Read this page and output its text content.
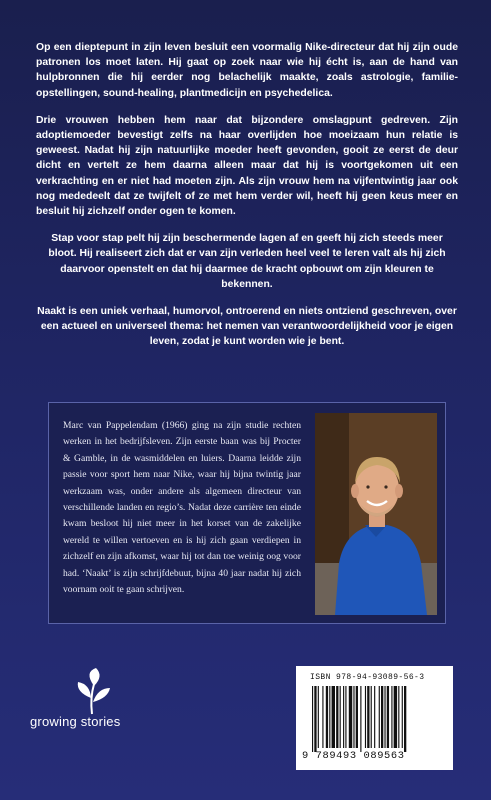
Op een dieptepunt in zijn leven besluit een voormalig Nike-directeur dat hij zijn oude patronen los moet laten. Hij gaat op zoek naar wie hij écht is, aan de hand van hulpbronnen die hij eerder nog belachelijk maakte, zoals astrologie, familie-opstellingen, sound-healing, plantmedicijn en psychedelica.

Drie vrouwen hebben hem naar dat bijzondere omslagpunt gedreven. Zijn adoptiemoeder bevestigt zelfs na haar overlijden hoe moeizaam hun relatie is geweest. Nadat hij zijn natuurlijke moeder heeft gevonden, gooit ze eerst de deur dicht en vertelt ze hem daarna alleen maar dat hij is voortgekomen uit een verkrachting en er niet had moeten zijn. Als zijn vrouw hem na vijfentwintig jaar ook nog mededeelt dat ze twijfelt of ze met hem verder wil, heeft hij geen keus meer en besluit hij zichzelf onder ogen te komen.

Stap voor stap pelt hij zijn beschermende lagen af en geeft hij zich steeds meer bloot. Hij realiseert zich dat er van zijn verleden heel veel te leren valt als hij zich daarvoor openstelt en dat hij daarmee de kracht opbouwt om zijn kleuren te bekennen.

Naakt is een uniek verhaal, humorvol, ontroerend en niets ontziend geschreven, over een actueel en universeel thema: het nemen van verantwoordelijkheid voor je eigen leven, zodat je kunt worden wie je bent.

Marc van Pappelendam (1966) ging na zijn studie rechten werken in het bedrijfsleven. Zijn eerste baan was bij Procter & Gamble, in de wasmiddelen en luiers. Daarna leidde zijn passie voor sport hem naar Nike, waar hij bijna twintig jaar werkzaam was, onder andere als algemeen directeur van verschillende landen en regio’s. Nadat deze carrière ten einde kwam besloot hij niet meer in het korset van de zakelijke wereld te willen vertoeven en is hij zich gaan verdiepen in zichzelf en zijn afkomst, waar hij tot dan toe weinig oog voor had. ‘Naakt’ is zijn schrijfdebuut, bijna 40 jaar nadat hij zich voornam ooit te gaan schrijven.

growing stories
ISBN 978-94-93089-56-3
9 789493 089563
